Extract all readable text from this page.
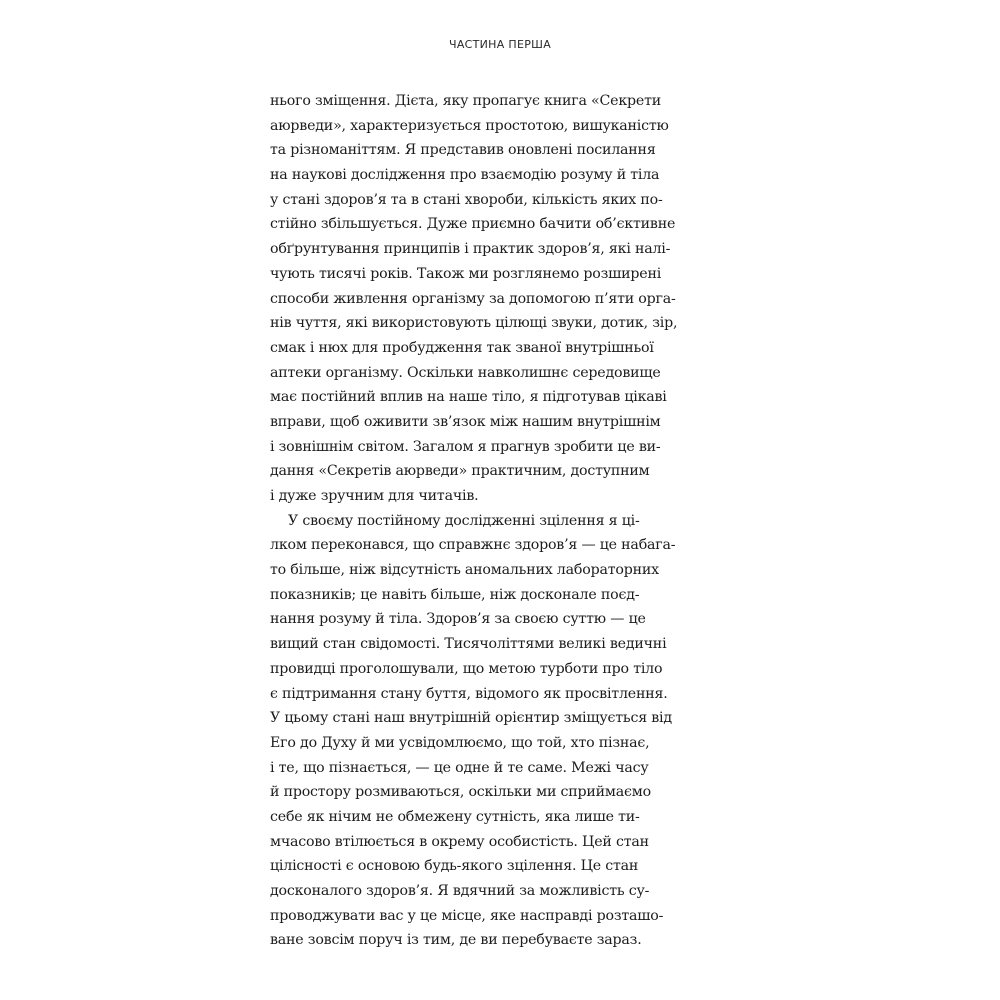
ЧАСТИНА ПЕРША
нього зміщення. Дієта, яку пропагує книга «Секрети
аюрведи», характеризується простотою, вишуканістю
та різноманіттям. Я представив оновлені посилання
на наукові дослідження про взаємодію розуму й тіла
у стані здоров’я та в стані хвороби, кількість яких по-
стійно збільшується. Дуже приємно бачити об’єктивне
обґрунтування принципів і практик здоров’я, які налі-
чують тисячі років. Також ми розглянемо розширені
способи живлення організму за допомогою п’яти орга-
нів чуття, які використовують цілющі звуки, дотик, зір,
смак і нюх для пробудження так званої внутрішньої
аптеки організму. Оскільки навколишнє середовище
має постійний вплив на наше тіло, я підготував цікаві
вправи, щоб оживити зв’язок між нашим внутрішнім
і зовнішнім світом. Загалом я прагнув зробити це ви-
дання «Секретів аюрведи» практичним, доступним
і дуже зручним для читачів.
У своєму постійному дослідженні зцілення я ці-
лком переконався, що справжнє здоров’я — це набага-
то більше, ніж відсутність аномальних лабораторних
показників; це навіть більше, ніж досконале поєд-
нання розуму й тіла. Здоров’я за своєю суттю — це
вищий стан свідомості. Тисячоліттями великі ведичні
провидці проголошували, що метою турботи про тіло
є підтримання стану буття, відомого як просвітлення.
У цьому стані наш внутрішній орієнтир зміщується від
Его до Духу й ми усвідомлюємо, що той, хто пізнає,
і те, що пізнається, — це одне й те саме. Межі часу
й простору розмиваються, оскільки ми сприймаємо
себе як нічим не обмежену сутність, яка лише ти-
мчасово втілюється в окрему особистість. Цей стан
цілісності є основою будь-якого зцілення. Це стан
досконалого здоров’я. Я вдячний за можливість су-
проводжувати вас у це місце, яке насправді розташо-
ване зовсім поруч із тим, де ви перебуваєте зараз.
